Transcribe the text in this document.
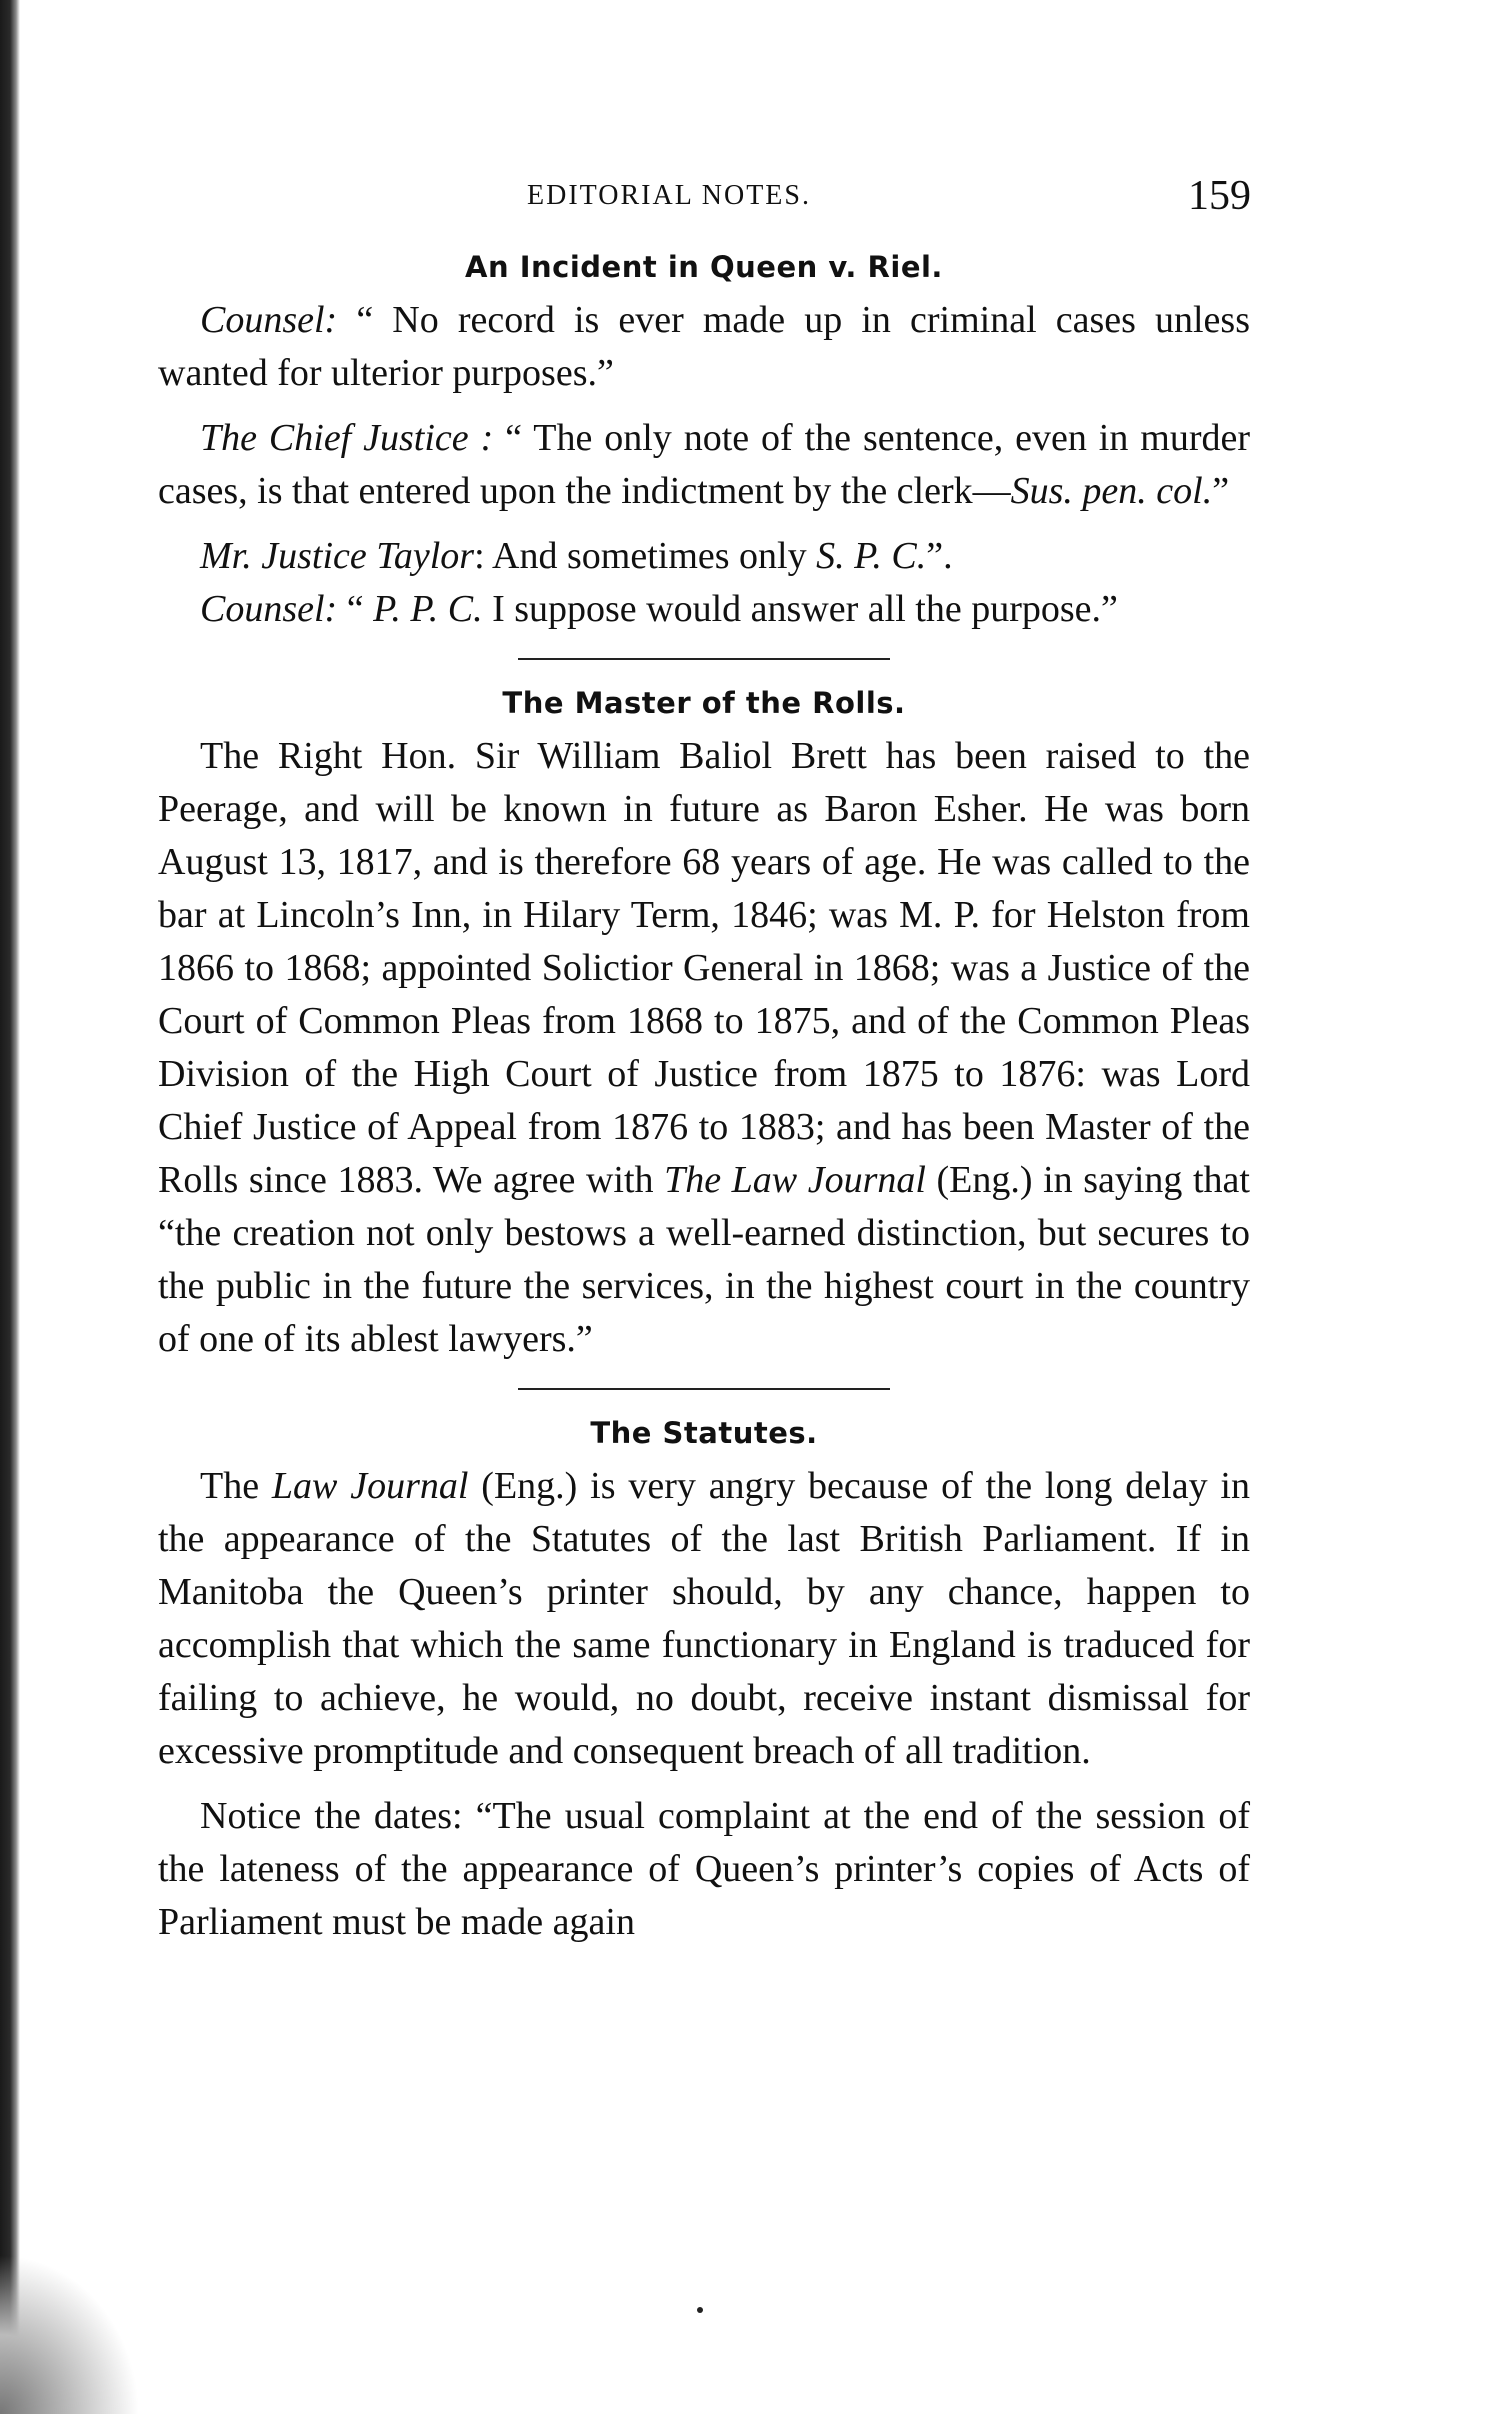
EDITORIAL NOTES.	159
An Incident in Queen v. Riel.

Counsel: “ No record is ever made up in criminal cases unless wanted for ulterior purposes.”

The Chief Justice : “ The only note of the sentence, even in murder cases, is that entered upon the indictment by the clerk—Sus. pen. col.”

Mr. Justice Taylor: And sometimes only S. P. C.”.

Counsel: “ P. P. C. I suppose would answer all the purpose.”

The Master of the Rolls.

The Right Hon. Sir William Baliol Brett has been raised to the Peerage, and will be known in future as Baron Esher. He was born August 13, 1817, and is therefore 68 years of age. He was called to the bar at Lincoln’s Inn, in Hilary Term, 1846; was M. P. for Helston from 1866 to 1868; appointed Solictior General in 1868; was a Justice of the Court of Common Pleas from 1868 to 1875, and of the Common Pleas Division of the High Court of Justice from 1875 to 1876: was Lord Chief Justice of Appeal from 1876 to 1883; and has been Master of the Rolls since 1883. We agree with The Law Journal (Eng.) in saying that “the creation not only bestows a well-earned distinction, but secures to the public in the future the services, in the highest court in the country of one of its ablest lawyers.”

The Statutes.

The Law Journal (Eng.) is very angry because of the long delay in the appearance of the Statutes of the last British Parliament. If in Manitoba the Queen’s printer should, by any chance, happen to accomplish that which the same functionary in England is traduced for failing to achieve, he would, no doubt, receive instant dismissal for excessive promptitude and consequent breach of all tradition.

Notice the dates: “The usual complaint at the end of the session of the lateness of the appearance of Queen’s printer’s copies of Acts of Parliament must be made again
